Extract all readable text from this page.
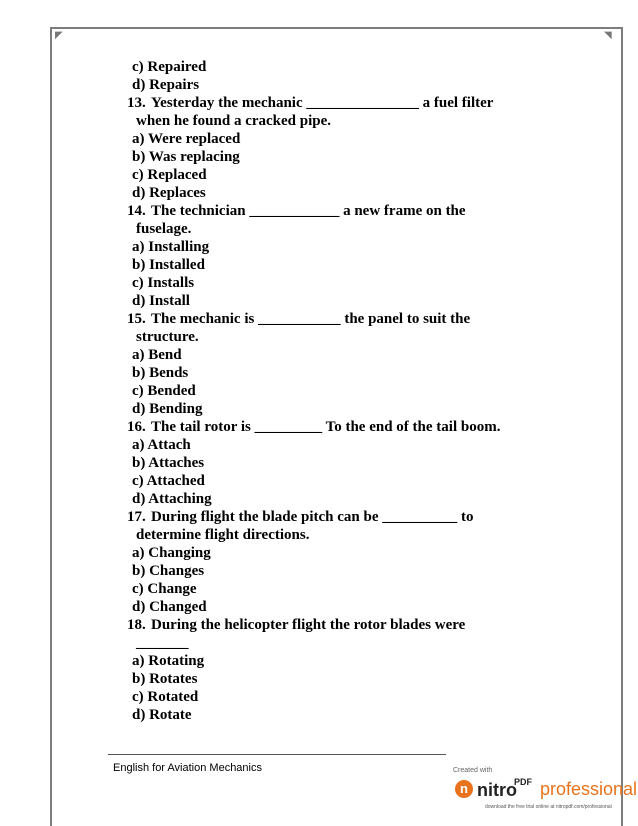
◤	◥
c) Repaired
d) Repairs
13. Yesterday the mechanic _______________ a fuel filter
when he found a cracked pipe.
a) Were replaced
b) Was replacing
c) Replaced
d) Replaces
14. The technician ____________ a new frame on the
fuselage.
a) Installing
b) Installed
c) Installs
d) Install
15. The mechanic is ___________ the panel to suit the
structure.
a) Bend
b) Bends
c) Bended
d) Bending
16. The tail rotor is _________ To the end of the tail boom.
a) Attach
b) Attaches
c) Attached
d) Attaching
17. During flight the blade pitch can be __________ to
determine flight directions.
a) Changing
b) Changes
c) Change
d) Changed
18. During the helicopter flight the rotor blades were
_______
a) Rotating
b) Rotates
c) Rotated
d) Rotate
English for Aviation Mechanics	Created with
n nitro
PDF professional
download the free trial online at nitropdf.com/professional
